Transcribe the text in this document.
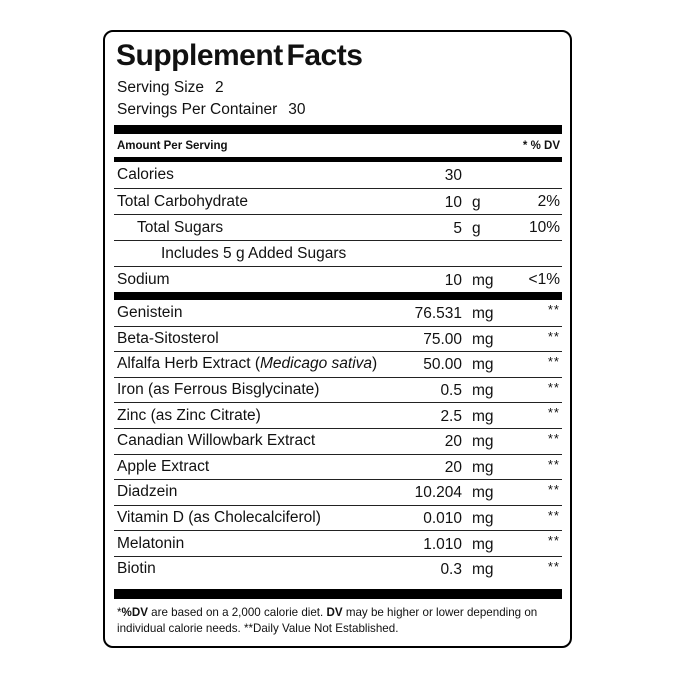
Supplement Facts
Serving Size 2
Servings Per Container 30
Amount Per Serving	* % DV
Calories	30
Total Carbohydrate	10 g	2%
Total Sugars	5 g	10%
Includes 5 g Added Sugars
Sodium	10 mg	<1%
Genistein	76.531 mg	**
Beta-Sitosterol	75.00 mg	**
Alfalfa Herb Extract (Medicago sativa)	50.00 mg	**
Iron (as Ferrous Bisglycinate)	0.5 mg	**
Zinc (as Zinc Citrate)	2.5 mg	**
Canadian Willowbark Extract	20 mg	**
Apple Extract	20 mg	**
Diadzein	10.204 mg	**
Vitamin D (as Cholecalciferol)	0.010 mg	**
Melatonin	1.010 mg	**
Biotin	0.3 mg	**

*%DV are based on a 2,000 calorie diet. DV may be higher or lower depending on individual calorie needs. **Daily Value Not Established.
